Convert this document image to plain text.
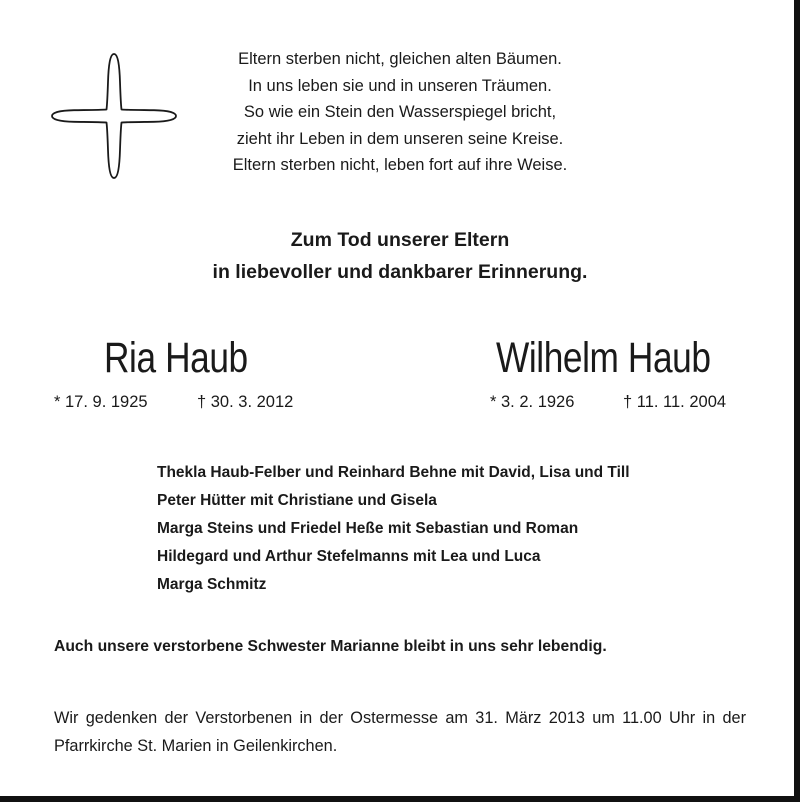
Eltern sterben nicht, gleichen alten Bäumen.
In uns leben sie und in unseren Träumen.
So wie ein Stein den Wasserspiegel bricht,
zieht ihr Leben in dem unseren seine Kreise.
Eltern sterben nicht, leben fort auf ihre Weise.
Zum Tod unserer Eltern
in liebevoller und dankbarer Erinnerung.
Ria Haub	Wilhelm Haub
* 17. 9. 1925	† 30. 3. 2012	* 3. 2. 1926	† 11. 11. 2004
Thekla Haub-Felber und Reinhard Behne mit David, Lisa und Till
Peter Hütter mit Christiane und Gisela
Marga Steins und Friedel Heße mit Sebastian und Roman
Hildegard und Arthur Stefelmanns mit Lea und Luca
Marga Schmitz
Auch unsere verstorbene Schwester Marianne bleibt in uns sehr lebendig.
Wir gedenken der Verstorbenen in der Ostermesse am 31. März 2013 um 11.00 Uhr in der Pfarrkirche St. Marien in Geilenkirchen.
